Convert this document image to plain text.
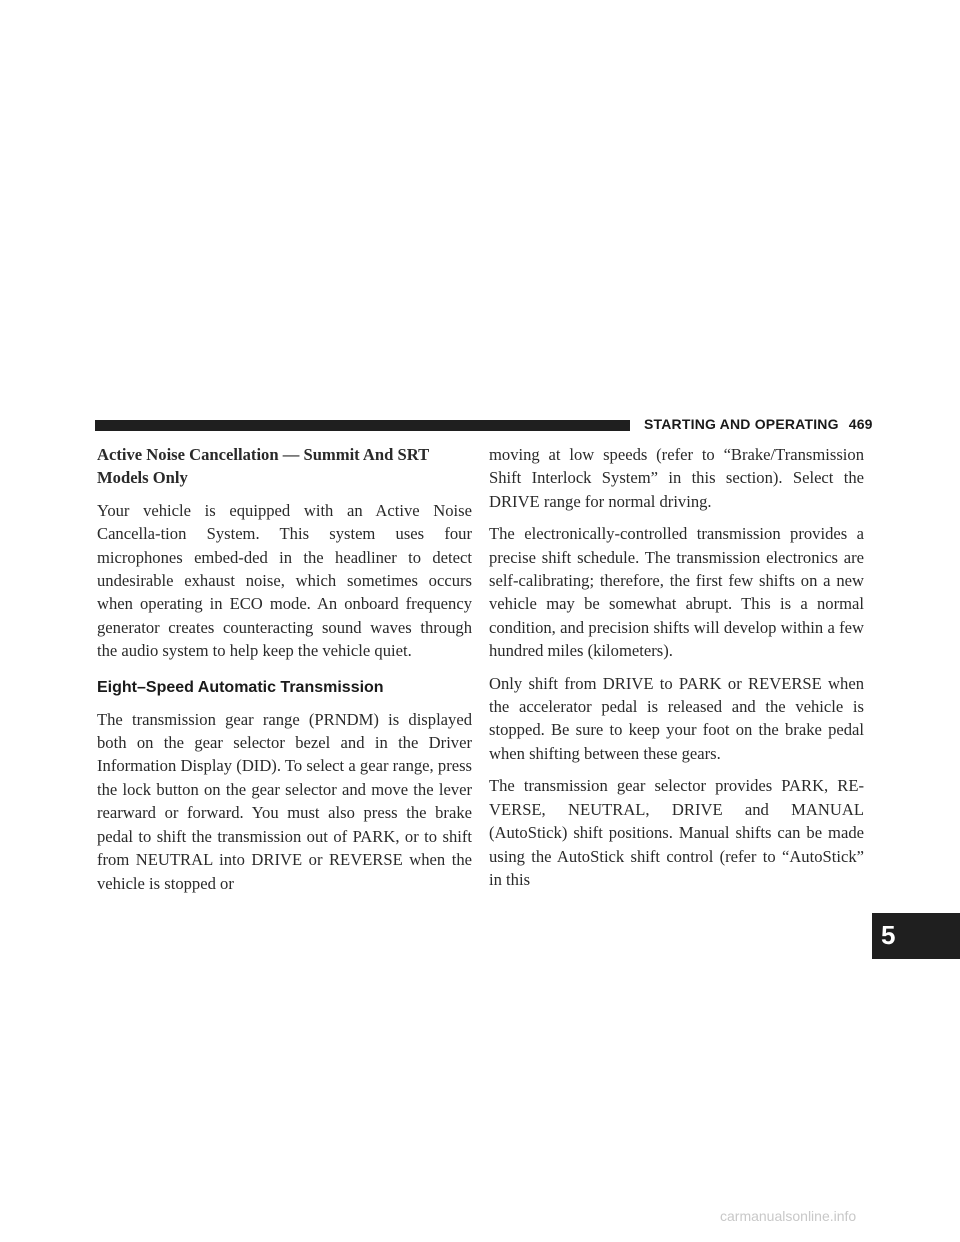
STARTING AND OPERATING 469
5
Active Noise Cancellation — Summit And SRT Models Only

Your vehicle is equipped with an Active Noise Cancella-tion System. This system uses four microphones embed-ded in the headliner to detect undesirable exhaust noise, which sometimes occurs when operating in ECO mode. An onboard frequency generator creates counteracting sound waves through the audio system to help keep the vehicle quiet.

Eight–Speed Automatic Transmission

The transmission gear range (PRNDM) is displayed both on the gear selector bezel and in the Driver Information Display (DID). To select a gear range, press the lock button on the gear selector and move the lever rearward or forward. You must also press the brake pedal to shift the transmission out of PARK, or to shift from NEUTRAL into DRIVE or REVERSE when the vehicle is stopped or

moving at low speeds (refer to “Brake/Transmission Shift Interlock System” in this section). Select the DRIVE range for normal driving.

The electronically-controlled transmission provides a precise shift schedule. The transmission electronics are self-calibrating; therefore, the first few shifts on a new vehicle may be somewhat abrupt. This is a normal condition, and precision shifts will develop within a few hundred miles (kilometers).

Only shift from DRIVE to PARK or REVERSE when the accelerator pedal is released and the vehicle is stopped. Be sure to keep your foot on the brake pedal when shifting between these gears.

The transmission gear selector provides PARK, RE-VERSE, NEUTRAL, DRIVE and MANUAL (AutoStick) shift positions. Manual shifts can be made using the AutoStick shift control (refer to “AutoStick” in this

carmanualsonline.info
